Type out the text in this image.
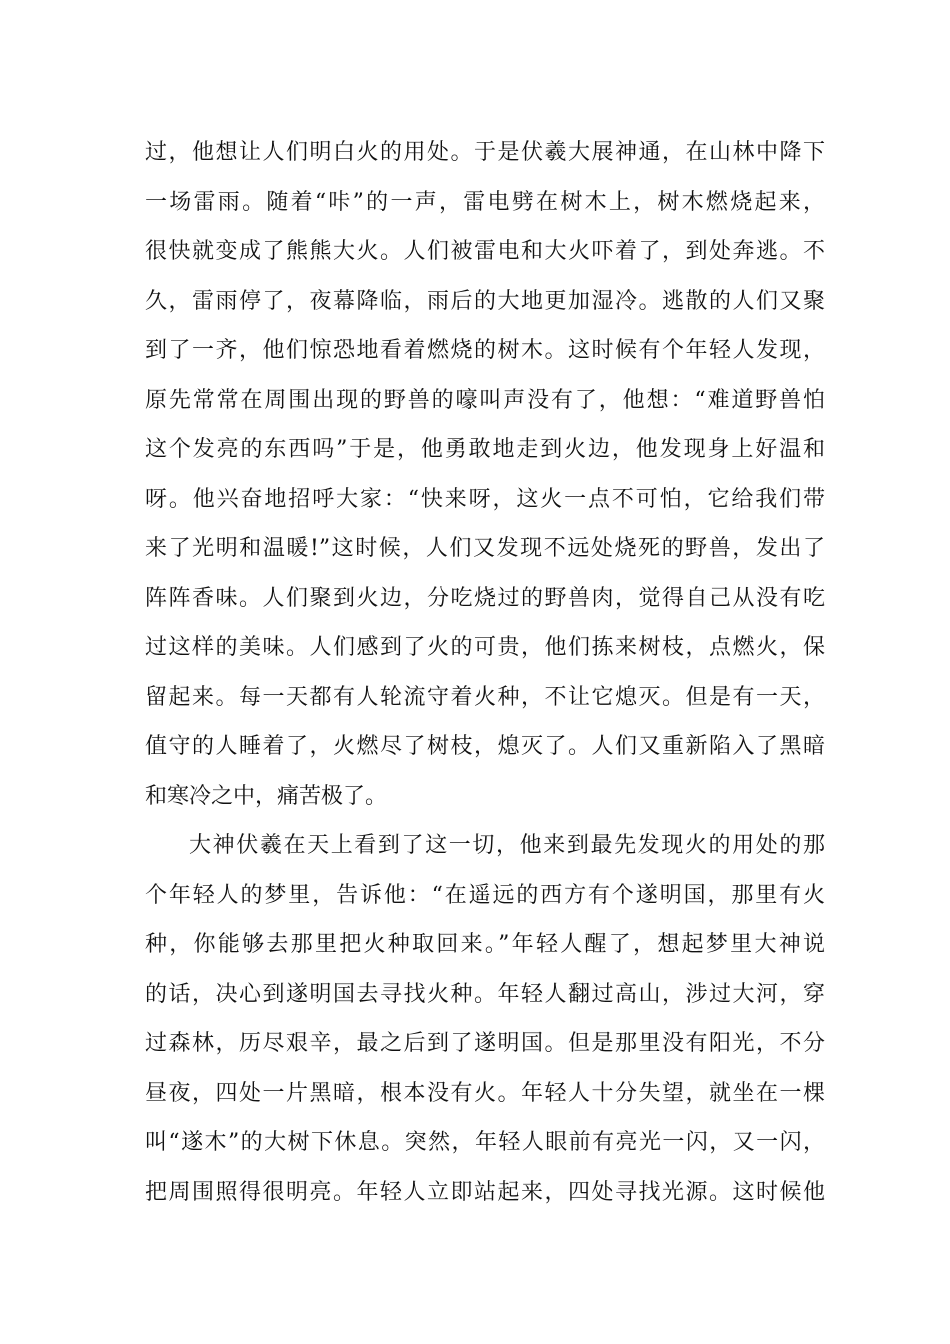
过，他想让人们明白火的用处。于是伏羲大展神通，在山林中降下
一场雷雨。随着“咔”的一声，雷电劈在树木上，树木燃烧起来，
很快就变成了熊熊大火。人们被雷电和大火吓着了，到处奔逃。不
久，雷雨停了，夜幕降临，雨后的大地更加湿冷。逃散的人们又聚
到了一齐，他们惊恐地看着燃烧的树木。这时候有个年轻人发现，
原先常常在周围出现的野兽的嚎叫声没有了，他想：“难道野兽怕
这个发亮的东西吗”于是，他勇敢地走到火边，他发现身上好温和
呀。他兴奋地招呼大家：“快来呀，这火一点不可怕，它给我们带
来了光明和温暖!”这时候，人们又发现不远处烧死的野兽，发出了
阵阵香味。人们聚到火边，分吃烧过的野兽肉，觉得自己从没有吃
过这样的美味。人们感到了火的可贵，他们拣来树枝，点燃火，保
留起来。每一天都有人轮流守着火种，不让它熄灭。但是有一天，
值守的人睡着了，火燃尽了树枝，熄灭了。人们又重新陷入了黑暗
和寒冷之中，痛苦极了。
大神伏羲在天上看到了这一切，他来到最先发现火的用处的那
个年轻人的梦里，告诉他：“在遥远的西方有个遂明国，那里有火
种，你能够去那里把火种取回来。”年轻人醒了，想起梦里大神说
的话，决心到遂明国去寻找火种。年轻人翻过高山，涉过大河，穿
过森林，历尽艰辛，最之后到了遂明国。但是那里没有阳光，不分
昼夜，四处一片黑暗，根本没有火。年轻人十分失望，就坐在一棵
叫“遂木”的大树下休息。突然，年轻人眼前有亮光一闪，又一闪，
把周围照得很明亮。年轻人立即站起来，四处寻找光源。这时候他
